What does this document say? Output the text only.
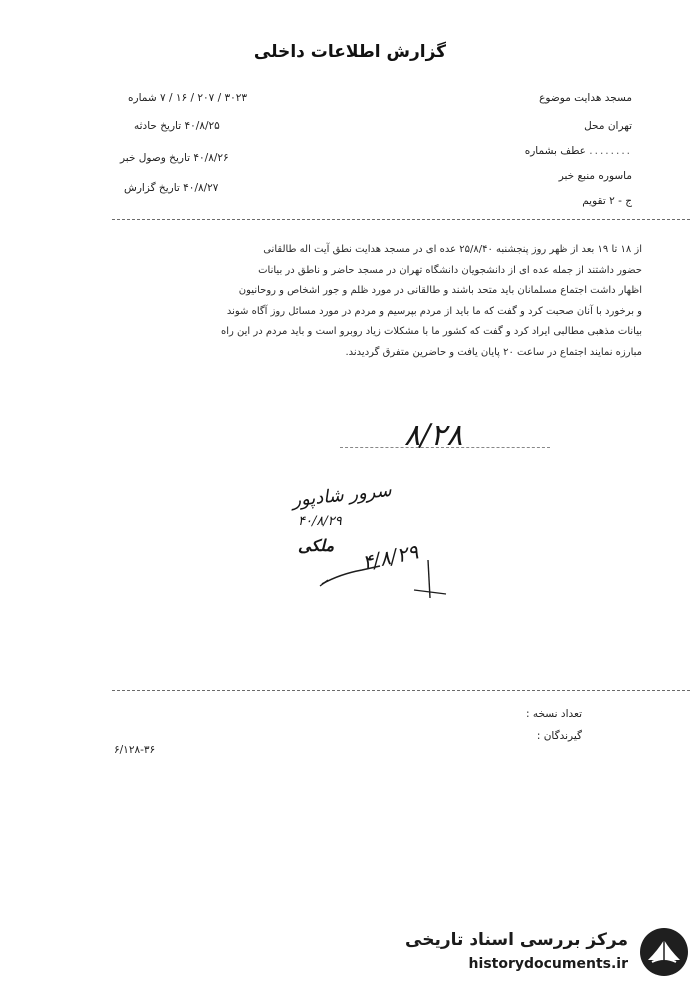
گزارش اطلاعات داخلی
موضوع مسجد هدایت
محل تهران
عطف بشماره ........
منبع خبر ماسوره
تقویم ج - ۲
شماره ۳۰۲۳ / ۲۰۷ / ۱۶ / ۷
تاریخ حادثه ۴۰/۸/۲۵
تاریخ وصول خبر ۴۰/۸/۲۶
تاریخ گزارش ۴۰/۸/۲۷

از ۱۸ تا ۱۹ بعد از ظهر روز پنجشنبه ۲۵/۸/۴۰ عده ای در مسجد هدایت نطق آیت اله طالقانی

حضور داشتند از جمله عده ای از دانشجویان دانشگاه تهران در مسجد حاضر و ناطق در بیانات

اظهار داشت اجتماع مسلمانان باید متحد باشند و طالقانی در مورد ظلم و جور اشخاص و روحانیون

و برخورد با آنان صحبت کرد و گفت که ما باید از مردم بپرسیم و مردم در مورد مسائل روز آگاه شوند

بیانات مذهبی مطالبی ایراد کرد و گفت که کشور ما با مشکلات زیاد روبرو است و باید مردم در این راه

مبارزه نمایند اجتماع در ساعت ۲۰ پایان یافت و حاضرین متفرق گردیدند.

۸/۲۸
سرور شادپور
۴۰/۸/۲۹
ملکی ۴/۸/۲۹
تعداد نسخه :
گیرندگان :
۶/۱۲۸-۳۶
مرکز بررسی اسناد تاریخی
historydocuments.ir
